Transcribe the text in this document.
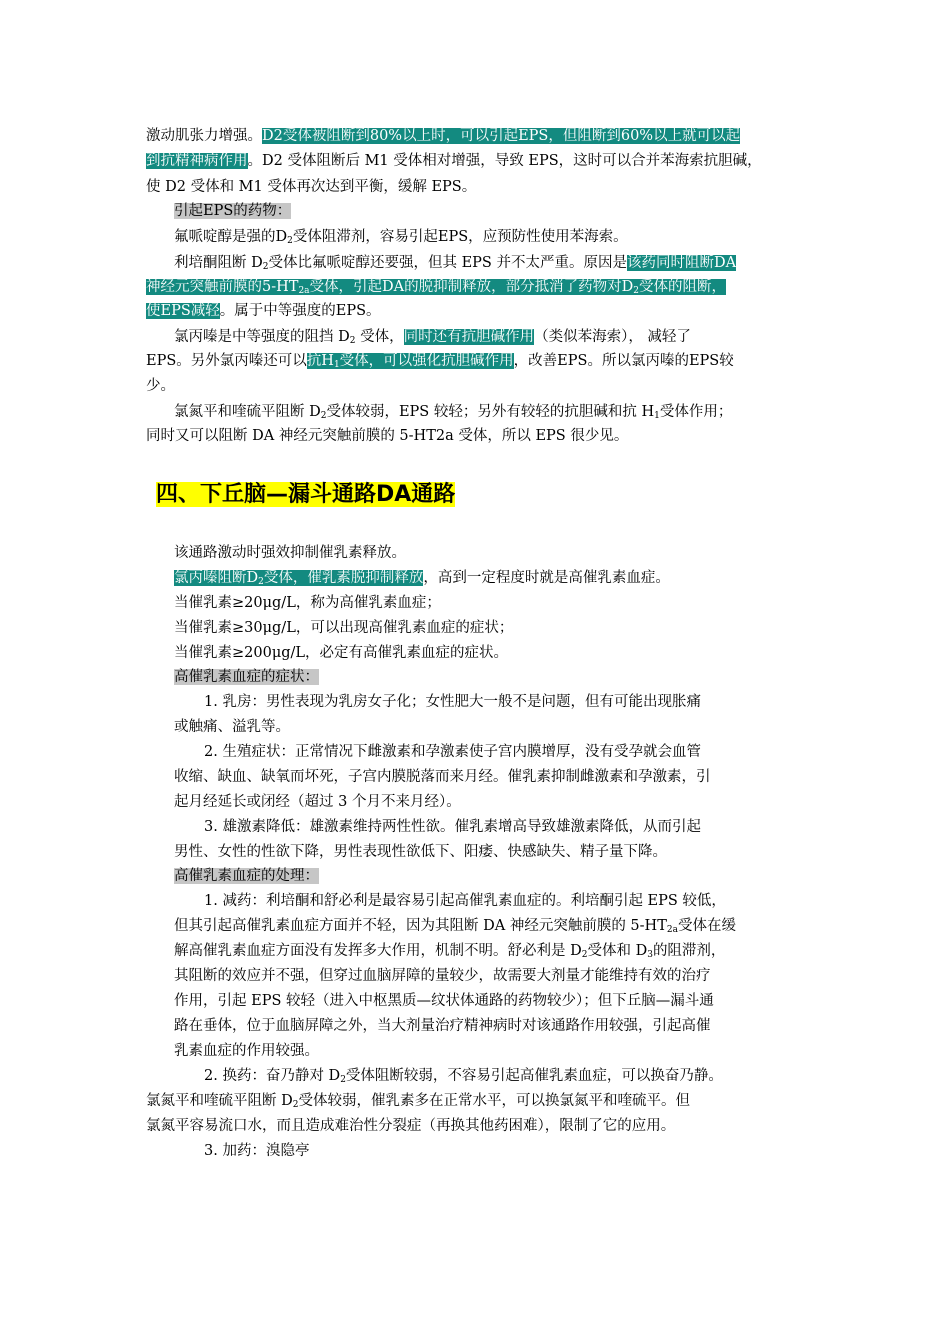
激动肌张力增强。D2受体被阻断到80%以上时，可以引起EPS，但阻断到60%以上就可以起
到抗精神病作用。D2 受体阻断后 M1 受体相对增强，导致 EPS，这时可以合并苯海索抗胆碱，
使 D2 受体和 M1 受体再次达到平衡，缓解 EPS。
引起EPS的药物：
氟哌啶醇是强的$D_2$受体阻滞剂，容易引起EPS，应预防性使用苯海索。
利培酮阻断 $D_2$受体比氟哌啶醇还要强，但其 EPS 并不太严重。原因是该药同时阻断DA
神经元突触前膜的$5-HT_{2a}$受体，引起DA的脱抑制释放，部分抵消了药物对$D_2$受体的阻断，
使EPS减轻。属于中等强度的EPS。
氯丙嗪是中等强度的阻挡 $D_2$ 受体，同时还有抗胆碱作用（类似苯海索）， 减轻了
EPS。另外氯丙嗪还可以抗$H_1$受体，可以强化抗胆碱作用，改善EPS。所以氯丙嗪的EPS较
少。
氯氮平和喹硫平阻断 $D_2$受体较弱，EPS 较轻；另外有较轻的抗胆碱和抗 $H_1$受体作用；
同时又可以阻断 DA 神经元突触前膜的 5-HT2a 受体，所以 EPS 很少见。
四、下丘脑—漏斗通路DA通路
该通路激动时强效抑制催乳素释放。
氯丙嗪阻断$D_2$受体，催乳素脱抑制释放，高到一定程度时就是高催乳素血症。
当催乳素≥20μg/L，称为高催乳素血症；
当催乳素≥30μg/L，可以出现高催乳素血症的症状；
当催乳素≥200μg/L，必定有高催乳素血症的症状。
高催乳素血症的症状：
1. 乳房：男性表现为乳房女子化；女性肥大一般不是问题，但有可能出现胀痛
或触痛、溢乳等。
2. 生殖症状：正常情况下雌激素和孕激素使子宫内膜增厚，没有受孕就会血管
收缩、缺血、缺氧而坏死，子宫内膜脱落而来月经。催乳素抑制雌激素和孕激素，引
起月经延长或闭经（超过 3 个月不来月经）。
3. 雄激素降低：雄激素维持两性性欲。催乳素增高导致雄激素降低，从而引起
男性、女性的性欲下降，男性表现性欲低下、阳痿、快感缺失、精子量下降。
高催乳素血症的处理：
1. 减药：利培酮和舒必利是最容易引起高催乳素血症的。利培酮引起 EPS 较低，
但其引起高催乳素血症方面并不轻，因为其阻断 DA 神经元突触前膜的 $5-HT_{2a}$受体在缓
解高催乳素血症方面没有发挥多大作用，机制不明。舒必利是 $D_2$受体和 $D_3$的阻滞剂，
其阻断的效应并不强，但穿过血脑屏障的量较少，故需要大剂量才能维持有效的治疗
作用，引起 EPS 较轻（进入中枢黑质—纹状体通路的药物较少）；但下丘脑—漏斗通
路在垂体，位于血脑屏障之外，当大剂量治疗精神病时对该通路作用较强，引起高催
乳素血症的作用较强。
2. 换药：奋乃静对 $D_2$受体阻断较弱，不容易引起高催乳素血症，可以换奋乃静。
氯氮平和喹硫平阻断 $D_2$受体较弱，催乳素多在正常水平，可以换氯氮平和喹硫平。但
氯氮平容易流口水，而且造成难治性分裂症（再换其他药困难），限制了它的应用。
3. 加药：溴隐亭
